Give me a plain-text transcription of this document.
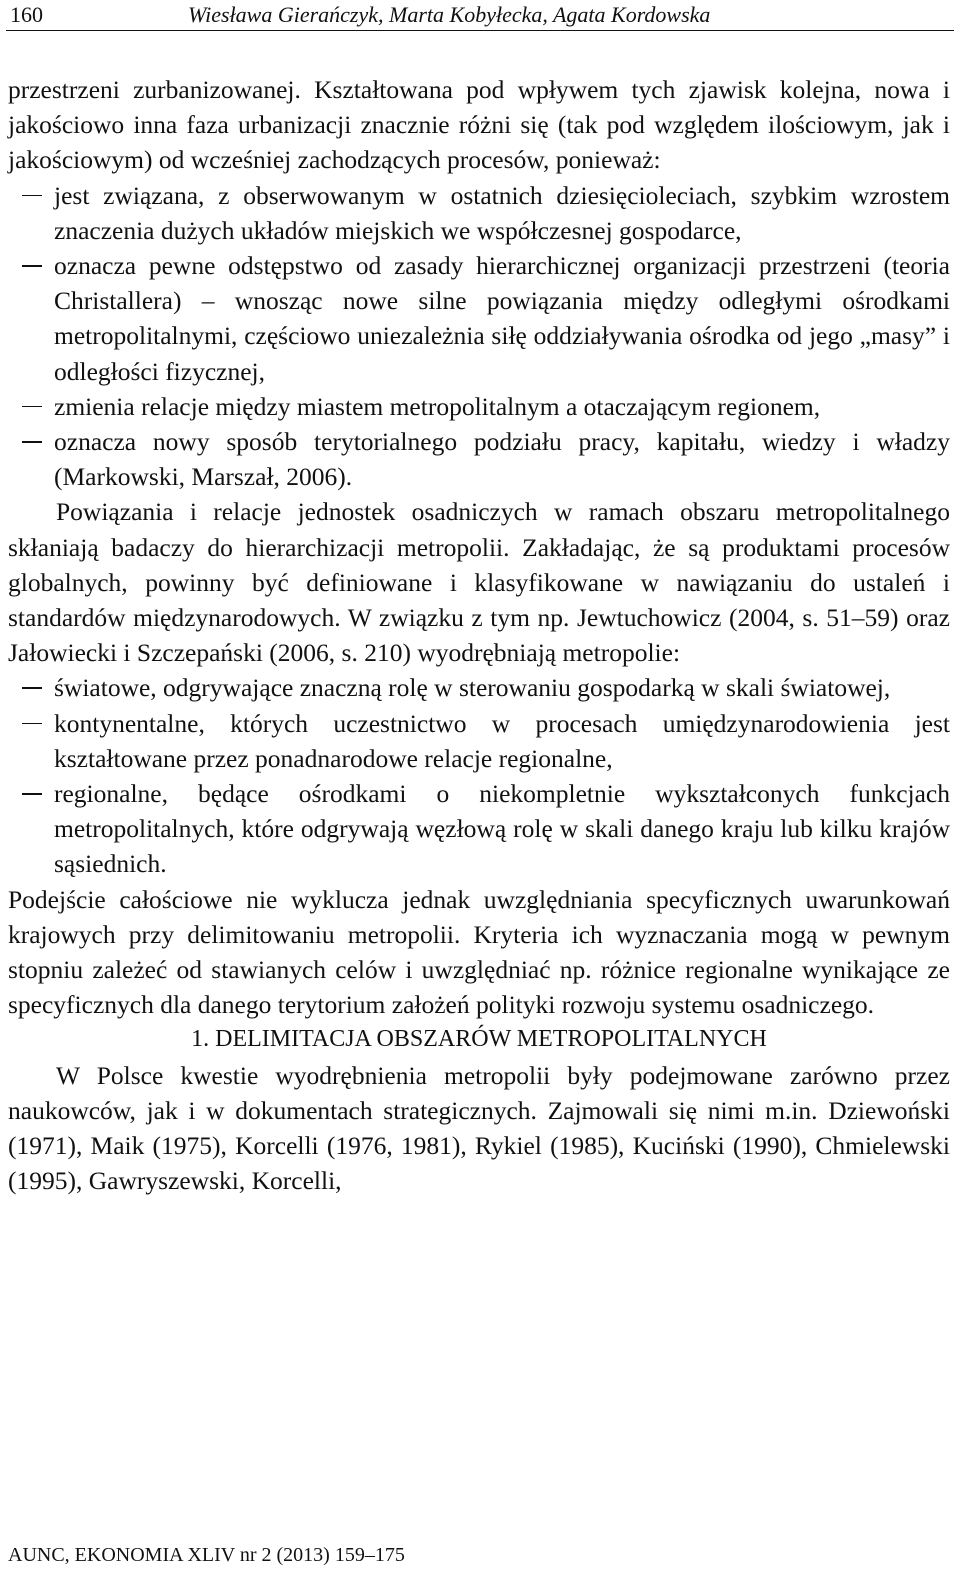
160	Wiesława Gierańczyk, Marta Kobyłecka, Agata Kordowska

przestrzeni zurbanizowanej. Kształtowana pod wpływem tych zjawisk kolejna, nowa i jakościowo inna faza urbanizacji znacznie różni się (tak pod względem ilościowym, jak i jakościowym) od wcześniej zachodzących procesów, ponieważ:

jest związana, z obserwowanym w ostatnich dziesięcioleciach, szybkim wzrostem znaczenia dużych układów miejskich we współczesnej gospodarce,
oznacza pewne odstępstwo od zasady hierarchicznej organizacji przestrzeni (teoria Christallera) – wnosząc nowe silne powiązania między odległymi ośrodkami metropolitalnymi, częściowo uniezależnia siłę oddziaływania ośrodka od jego „masy” i odległości fizycznej,
zmienia relacje między miastem metropolitalnym a otaczającym regionem,
oznacza nowy sposób terytorialnego podziału pracy, kapitału, wiedzy i władzy (Markowski, Marszał, 2006).

Powiązania i relacje jednostek osadniczych w ramach obszaru metropolitalnego skłaniają badaczy do hierarchizacji metropolii. Zakładając, że są produktami procesów globalnych, powinny być definiowane i klasyfikowane w nawiązaniu do ustaleń i standardów międzynarodowych. W związku z tym np. Jewtuchowicz (2004, s. 51–59) oraz Jałowiecki i Szczepański (2006, s. 210) wyodrębniają metropolie:

światowe, odgrywające znaczną rolę w sterowaniu gospodarką w skali światowej,
kontynentalne, których uczestnictwo w procesach umiędzynarodowienia jest kształtowane przez ponadnarodowe relacje regionalne,
regionalne, będące ośrodkami o niekompletnie wykształconych funkcjach metropolitalnych, które odgrywają węzłową rolę w skali danego kraju lub kilku krajów sąsiednich.

Podejście całościowe nie wyklucza jednak uwzględniania specyficznych uwarunkowań krajowych przy delimitowaniu metropolii. Kryteria ich wyznaczania mogą w pewnym stopniu zależeć od stawianych celów i uwzględniać np. różnice regionalne wynikające ze specyficznych dla danego terytorium założeń polityki rozwoju systemu osadniczego.

1. DELIMITACJA OBSZARÓW METROPOLITALNYCH

W Polsce kwestie wyodrębnienia metropolii były podejmowane zarówno przez naukowców, jak i w dokumentach strategicznych. Zajmowali się nimi m.in. Dziewoński (1971), Maik (1975), Korcelli (1976, 1981), Rykiel (1985), Kuciński (1990), Chmielewski (1995), Gawryszewski, Korcelli,

AUNC, EKONOMIA XLIV nr 2 (2013) 159–175
